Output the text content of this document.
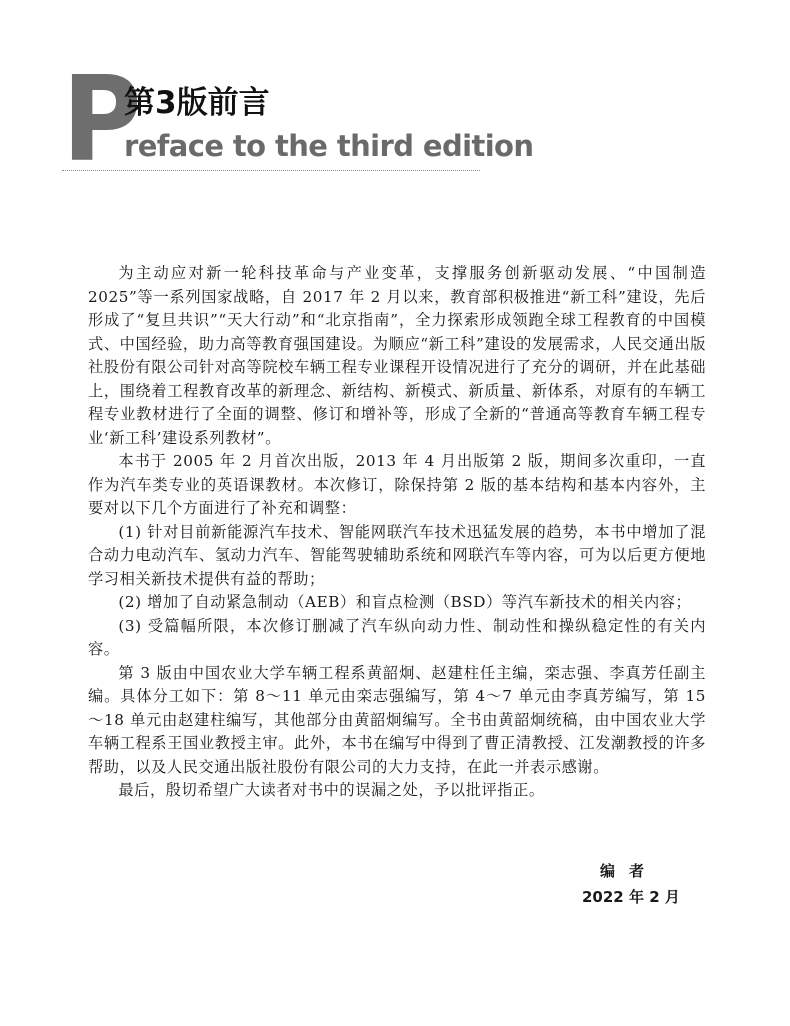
P
第3版前言
reface to the third edition

为主动应对新一轮科技革命与产业变革，支撑服务创新驱动发展、“中国制造 2025”等一系列国家战略，自 2017 年 2 月以来，教育部积极推进“新工科”建设，先后形成了“复旦共识”“天大行动”和“北京指南”，全力探索形成领跑全球工程教育的中国模式、中国经验，助力高等教育强国建设。为顺应“新工科”建设的发展需求，人民交通出版社股份有限公司针对高等院校车辆工程专业课程开设情况进行了充分的调研，并在此基础上，围绕着工程教育改革的新理念、新结构、新模式、新质量、新体系，对原有的车辆工程专业教材进行了全面的调整、修订和增补等，形成了全新的“普通高等教育车辆工程专业‘新工科’建设系列教材”。

本书于 2005 年 2 月首次出版，2013 年 4 月出版第 2 版，期间多次重印，一直作为汽车类专业的英语课教材。本次修订，除保持第 2 版的基本结构和基本内容外，主要对以下几个方面进行了补充和调整：

(1) 针对目前新能源汽车技术、智能网联汽车技术迅猛发展的趋势，本书中增加了混合动力电动汽车、氢动力汽车、智能驾驶辅助系统和网联汽车等内容，可为以后更方便地学习相关新技术提供有益的帮助；

(2) 增加了自动紧急制动（AEB）和盲点检测（BSD）等汽车新技术的相关内容；

(3) 受篇幅所限，本次修订删减了汽车纵向动力性、制动性和操纵稳定性的有关内容。

第 3 版由中国农业大学车辆工程系黄韶炯、赵建柱任主编，栾志强、李真芳任副主编。具体分工如下：第 8～11 单元由栾志强编写，第 4～7 单元由李真芳编写，第 15～18 单元由赵建柱编写，其他部分由黄韶炯编写。全书由黄韶炯统稿，由中国农业大学车辆工程系王国业教授主审。此外，本书在编写中得到了曹正清教授、江发潮教授的许多帮助，以及人民交通出版社股份有限公司的大力支持，在此一并表示感谢。

最后，殷切希望广大读者对书中的误漏之处，予以批评指正。

编者
2022 年 2 月
